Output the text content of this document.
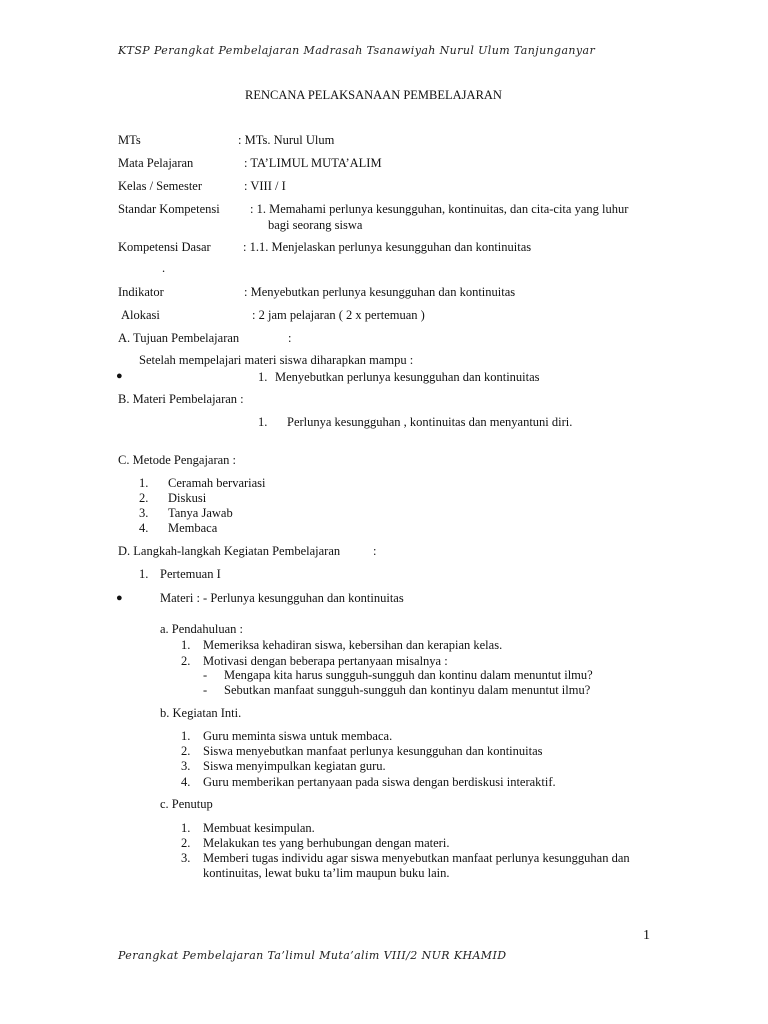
KTSP Perangkat Pembelajaran Madrasah Tsanawiyah Nurul Ulum Tanjunganyar
RENCANA PELAKSANAAN PEMBELAJARAN
MTs	: MTs. Nurul Ulum
Mata Pelajaran	: TA’LIMUL MUTA’ALIM
Kelas / Semester	: VIII / I
Standar Kompetensi : 1. Memahami perlunya kesungguhan, kontinuitas, dan cita-cita yang luhur
bagi seorang siswa
Kompetensi Dasar	: 1.1. Menjelaskan perlunya kesungguhan dan kontinuitas
.
Indikator	: Menyebutkan perlunya kesungguhan dan kontinuitas
Alokasi	: 2 jam pelajaran ( 2 x pertemuan )
A. Tujuan Pembelajaran	:
Setelah mempelajari materi siswa diharapkan mampu :
●	1. Menyebutkan perlunya kesungguhan dan kontinuitas
B. Materi Pembelajaran :
1. Perlunya kesungguhan , kontinuitas dan menyantuni diri.
C. Metode Pengajaran :
1. Ceramah bervariasi
2. Diskusi
3. Tanya Jawab
4. Membaca
D. Langkah-langkah Kegiatan Pembelajaran	:
1. Pertemuan I
●	Materi : - Perlunya kesungguhan dan kontinuitas
a. Pendahuluan :
1. Memeriksa kehadiran siswa, kebersihan dan kerapian kelas.
2. Motivasi dengan beberapa pertanyaan misalnya :
- Mengapa kita harus sungguh-sungguh dan kontinu dalam menuntut ilmu?
- Sebutkan manfaat sungguh-sungguh dan kontinyu dalam menuntut ilmu?
b. Kegiatan Inti.
1. Guru meminta siswa untuk membaca.
2. Siswa menyebutkan manfaat perlunya kesungguhan dan kontinuitas
3. Siswa menyimpulkan kegiatan guru.
4. Guru memberikan pertanyaan pada siswa dengan berdiskusi interaktif.
c. Penutup
1. Membuat kesimpulan.
2. Melakukan tes yang berhubungan dengan materi.
3. Memberi tugas individu agar siswa menyebutkan manfaat perlunya kesungguhan dan
kontinuitas, lewat buku ta’lim maupun buku lain.
1
Perangkat Pembelajaran Ta’limul Muta’alim VIII/2 NUR KHAMID
